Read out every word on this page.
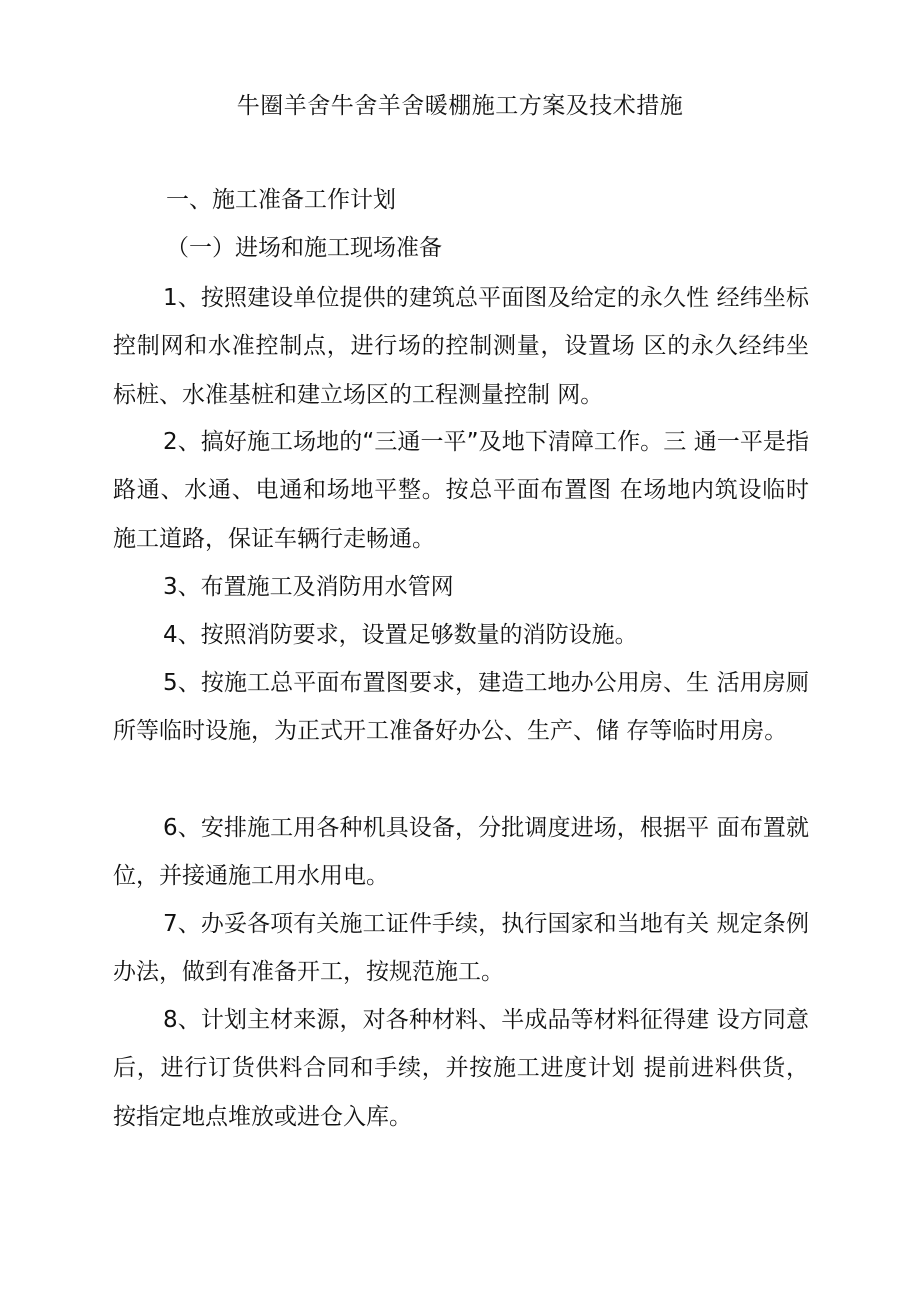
牛圈羊舍牛舍羊舍暖棚施工方案及技术措施
一、施工准备工作计划
（一）进场和施工现场准备

1、按照建设单位提供的建筑总平面图及给定的永久性 经纬坐标控制网和水准控制点，进行场的控制测量，设置场 区的永久经纬坐标桩、水准基桩和建立场区的工程测量控制 网。

2、搞好施工场地的“三通一平”及地下清障工作。三 通一平是指路通、水通、电通和场地平整。按总平面布置图 在场地内筑设临时施工道路，保证车辆行走畅通。

3、布置施工及消防用水管网

4、按照消防要求，设置足够数量的消防设施。

5、按施工总平面布置图要求，建造工地办公用房、生 活用房厕所等临时设施，为正式开工准备好办公、生产、储 存等临时用房。

6、安排施工用各种机具设备，分批调度进场，根据平 面布置就位，并接通施工用水用电。

7、办妥各项有关施工证件手续，执行国家和当地有关 规定条例办法，做到有准备开工，按规范施工。

8、计划主材来源，对各种材料、半成品等材料征得建 设方同意后，进行订货供料合同和手续，并按施工进度计划 提前进料供货，按指定地点堆放或进仓入库。
